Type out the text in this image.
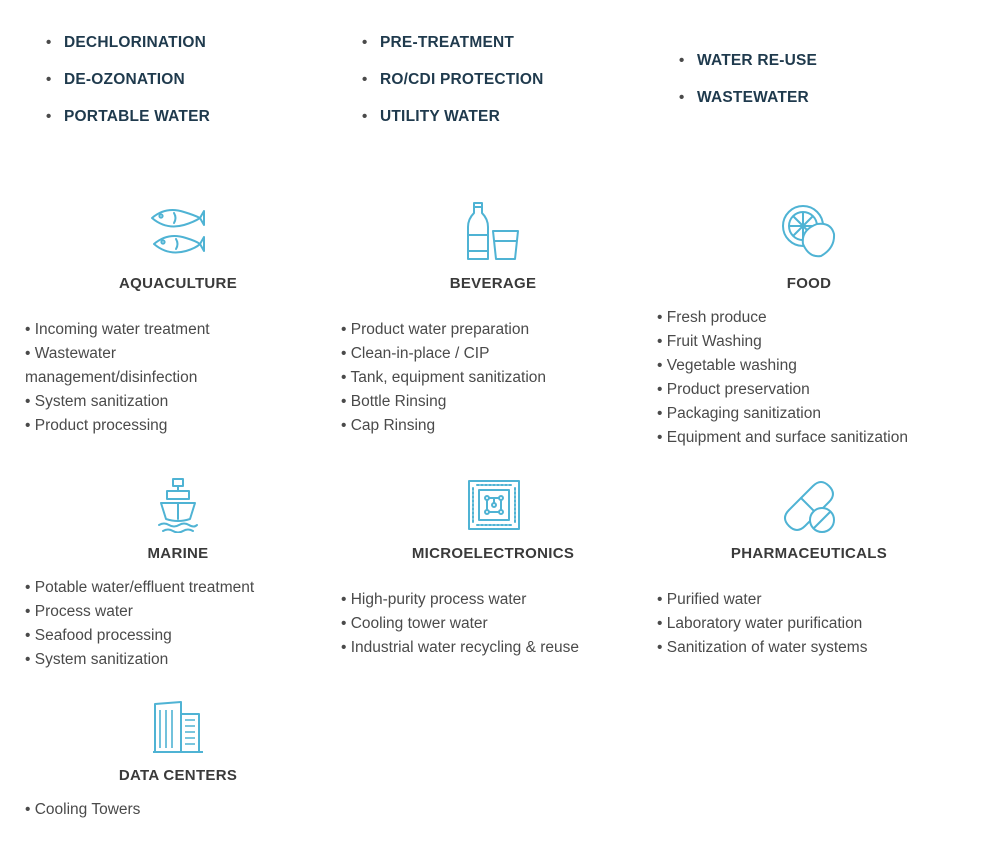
• DECHLORINATION
• DE-OZONATION
• PORTABLE WATER
• PRE-TREATMENT
• RO/CDI PROTECTION
• UTILITY WATER
• WATER RE-USE
• WASTEWATER
AQUACULTURE
• Incoming water treatment
• Wastewater management/disinfection
• System sanitization
• Product processing
BEVERAGE
• Product water preparation
• Clean-in-place / CIP
• Tank, equipment sanitization
• Bottle Rinsing
• Cap Rinsing
FOOD
• Fresh produce
• Fruit Washing
• Vegetable washing
• Product preservation
• Packaging sanitization
• Equipment and surface sanitization
MARINE
• Potable water/effluent treatment
• Process water
• Seafood processing
• System sanitization
MICROELECTRONICS
• High-purity process water
• Cooling tower water
• Industrial water recycling & reuse
PHARMACEUTICALS
• Purified water
• Laboratory water purification
• Sanitization of water systems
DATA CENTERS
• Cooling Towers
